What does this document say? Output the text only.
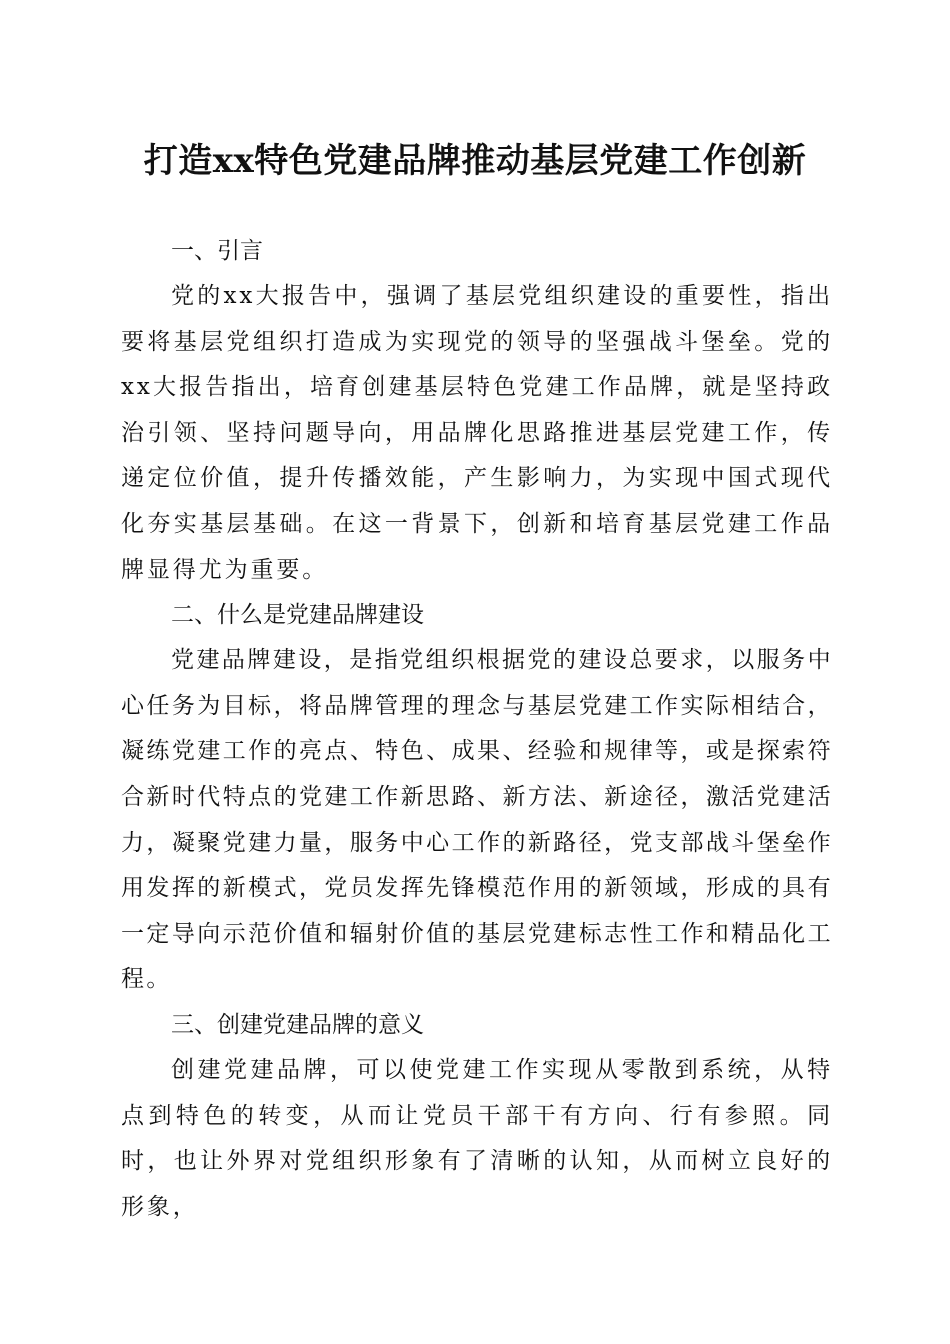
打造xx特色党建品牌推动基层党建工作创新
一、引言

党的xx大报告中，强调了基层党组织建设的重要性，指出要将基层党组织打造成为实现党的领导的坚强战斗堡垒。党的xx大报告指出，培育创建基层特色党建工作品牌，就是坚持政治引领、坚持问题导向，用品牌化思路推进基层党建工作，传递定位价值，提升传播效能，产生影响力，为实现中国式现代化夯实基层基础。在这一背景下，创新和培育基层党建工作品牌显得尤为重要。

二、什么是党建品牌建设

党建品牌建设，是指党组织根据党的建设总要求，以服务中心任务为目标，将品牌管理的理念与基层党建工作实际相结合，凝练党建工作的亮点、特色、成果、经验和规律等，或是探索符合新时代特点的党建工作新思路、新方法、新途径，激活党建活力，凝聚党建力量，服务中心工作的新路径，党支部战斗堡垒作用发挥的新模式，党员发挥先锋模范作用的新领域，形成的具有一定导向示范价值和辐射价值的基层党建标志性工作和精品化工程。

三、创建党建品牌的意义

创建党建品牌，可以使党建工作实现从零散到系统，从特点到特色的转变，从而让党员干部干有方向、行有参照。同时，也让外界对党组织形象有了清晰的认知，从而树立良好的形象，
